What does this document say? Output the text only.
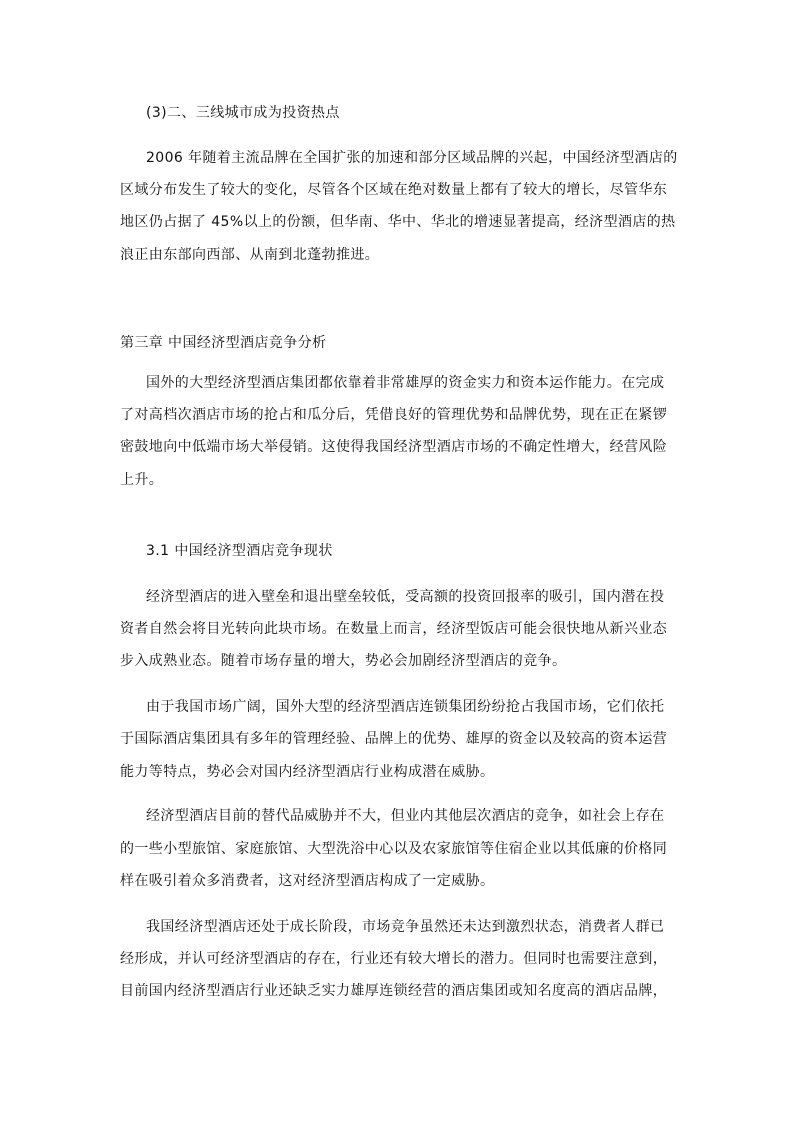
(3)二、三线城市成为投资热点
2006 年随着主流品牌在全国扩张的加速和部分区域品牌的兴起，中国经济型酒店的
区域分布发生了较大的变化，尽管各个区域在绝对数量上都有了较大的增长，尽管华东
地区仍占据了 45%以上的份额，但华南、华中、华北的增速显著提高，经济型酒店的热
浪正由东部向西部、从南到北蓬勃推进。
第三章 中国经济型酒店竞争分析
国外的大型经济型酒店集团都依靠着非常雄厚的资金实力和资本运作能力。在完成
了对高档次酒店市场的抢占和瓜分后，凭借良好的管理优势和品牌优势，现在正在紧锣
密鼓地向中低端市场大举侵销。这使得我国经济型酒店市场的不确定性增大，经营风险
上升。
3.1 中国经济型酒店竞争现状
经济型酒店的进入壁垒和退出壁垒较低，受高额的投资回报率的吸引，国内潜在投
资者自然会将目光转向此块市场。在数量上而言，经济型饭店可能会很快地从新兴业态
步入成熟业态。随着市场存量的增大，势必会加剧经济型酒店的竞争。
由于我国市场广阔，国外大型的经济型酒店连锁集团纷纷抢占我国市场，它们依托
于国际酒店集团具有多年的管理经验、品牌上的优势、雄厚的资金以及较高的资本运营
能力等特点，势必会对国内经济型酒店行业构成潜在威胁。
经济型酒店目前的替代品威胁并不大，但业内其他层次酒店的竞争，如社会上存在
的一些小型旅馆、家庭旅馆、大型洗浴中心以及农家旅馆等住宿企业以其低廉的价格同
样在吸引着众多消费者，这对经济型酒店构成了一定威胁。
我国经济型酒店还处于成长阶段，市场竞争虽然还未达到激烈状态，消费者人群已
经形成，并认可经济型酒店的存在，行业还有较大增长的潜力。但同时也需要注意到，
目前国内经济型酒店行业还缺乏实力雄厚连锁经营的酒店集团或知名度高的酒店品牌，
